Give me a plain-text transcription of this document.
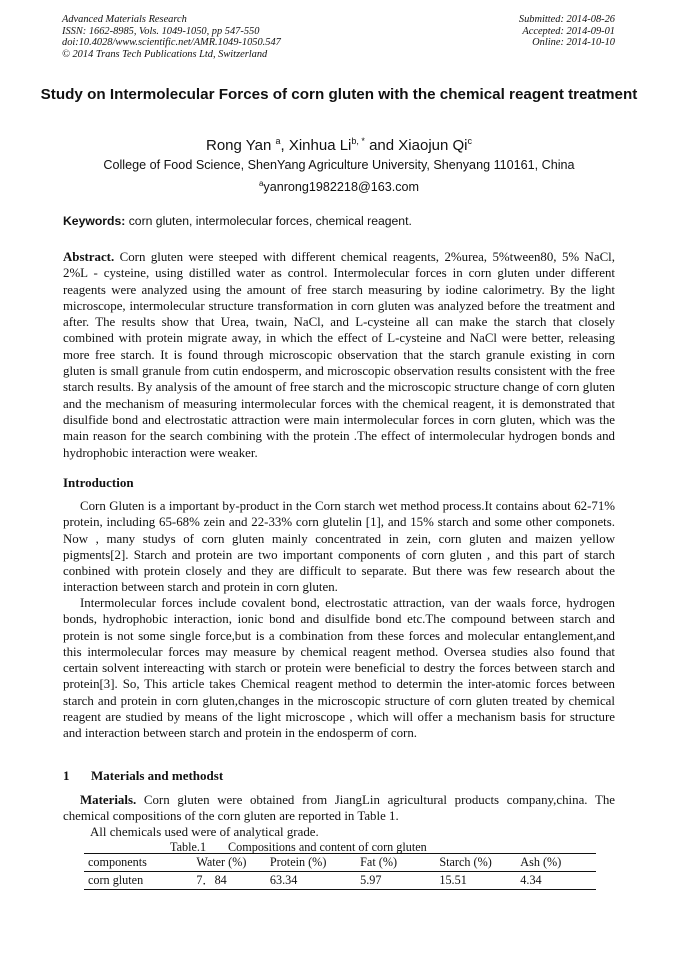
Advanced Materials Research
ISSN: 1662-8985, Vols. 1049-1050, pp 547-550
doi:10.4028/www.scientific.net/AMR.1049-1050.547
© 2014 Trans Tech Publications Ltd, Switzerland
Submitted: 2014-08-26
Accepted: 2014-09-01
Online: 2014-10-10
Study on Intermolecular Forces of corn gluten with the chemical reagent treatment
Rong Yan $^a$, Xinhua $Li^{b, *}$ and Xiaojun Qi$^c$
College of Food Science, ShenYang Agriculture University, Shenyang 110161, China
$^a$yanrong1982218@163.com
Keywords: corn gluten, intermolecular forces, chemical reagent.
Abstract. Corn gluten were steeped with different chemical reagents, 2%urea, 5%tween80, 5% NaCl, 2%L - cysteine, using distilled water as control. Intermolecular forces in corn gluten under different reagents were analyzed using the amount of free starch measuring by iodine calorimetry. By the light microscope, intermolecular structure transformation in corn gluten was analyzed before the treatment and after. The results show that Urea, twain, NaCl, and L-cysteine all can make the starch that closely combined with protein migrate away, in which the effect of L-cysteine and NaCl were better, releasing more free starch. It is found through microscopic observation that the starch granule existing in corn gluten is small granule from cutin endosperm, and microscopic observation results consistent with the free starch results. By analysis of the amount of free starch and the microscopic structure change of corn gluten and the mechanism of measuring intermolecular forces with the chemical reagent, it is demonstrated that disulfide bond and electrostatic attraction were main intermolecular forces in corn gluten, which was the main reason for the search combining with the protein .The effect of intermolecular hydrogen bonds and hydrophobic interaction were weaker.
Introduction
Corn Gluten is a important by-product in the Corn starch wet method process.It contains about 62-71% protein, including 65-68% zein and 22-33% corn glutelin [1], and 15% starch and some other componets. Now , many studys of corn gluten mainly concentrated in zein, corn gluten and maizen yellow pigments[2]. Starch and protein are two important components of corn gluten , and this part of starch conbined with protein closely and they are difficult to separate. But there was few research about the interaction between starch and protein in corn gluten.
Intermolecular forces include covalent bond, electrostatic attraction, van der waals force, hydrogen bonds, hydrophobic interaction, ionic bond and disulfide bond etc.The compound between starch and protein is not some single force,but is a combination from these forces and molecular entanglement,and this intermolecular forces may measure by chemical reagent method. Oversea studies also found that certain solvent intereacting with starch or protein were beneficial to destry the forces between starch and protein[3]. So, This article takes Chemical reagent method to determin the inter-atomic forces between starch and protein in corn gluten,changes in the microscopic structure of corn gluten treated by chemical reagent are studied by means of the light microscope , which will offer a mechanism basis for structure and interaction between starch and protein in the endosperm of corn.
1 Materials and methodst
Materials. Corn gluten were obtained from JiangLin agricultural products company,china. The chemical compositions of the corn gluten are reported in Table 1.
All chemicals used were of analytical grade.
Table.1 Compositions and content of corn gluten
components	Water (%)	Protein (%)	Fat (%)	Starch (%)	Ash (%)
corn gluten	7．84	63.34	5.97	15.51	4.34
